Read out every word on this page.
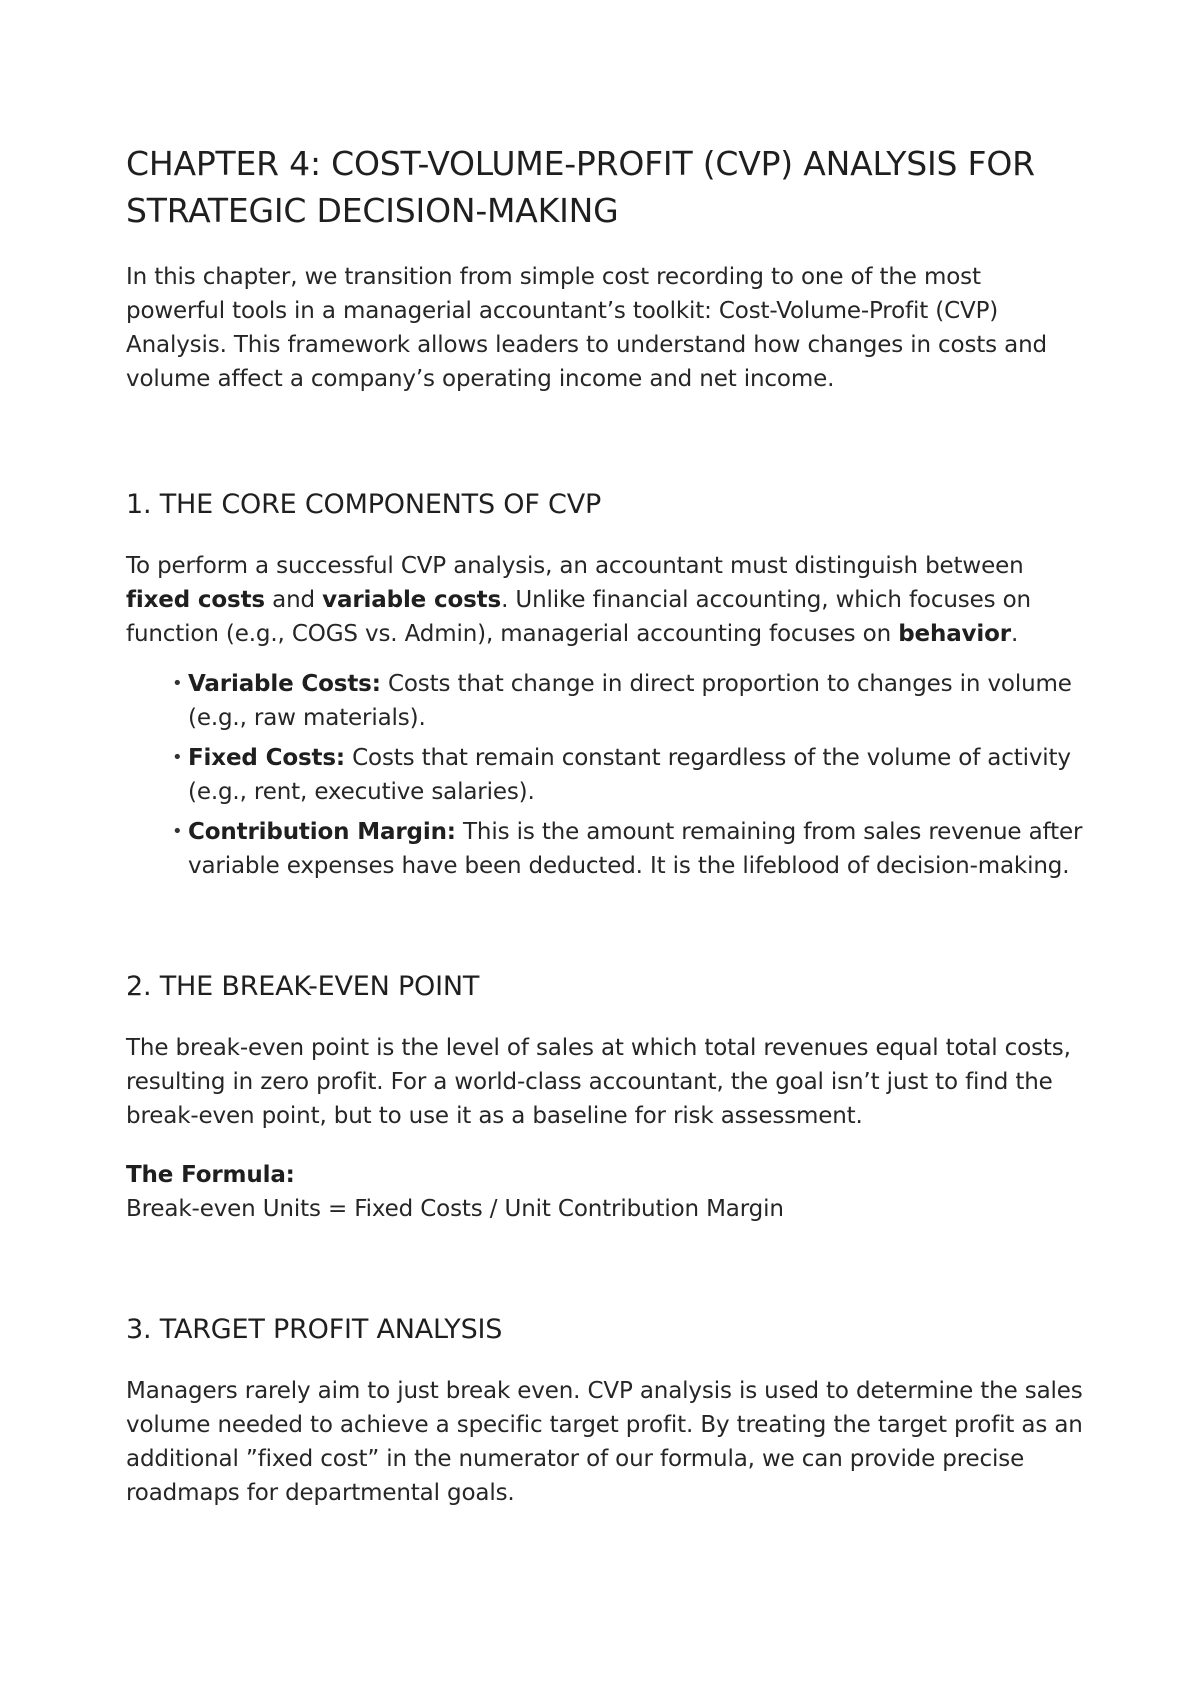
CHAPTER 4: COST-VOLUME-PROFIT (CVP) ANALYSIS FOR STRATEGIC DECISION-MAKING

In this chapter, we transition from simple cost recording to one of the most powerful tools in a managerial accountant’s toolkit: Cost-Volume-Profit (CVP) Analysis. This framework allows leaders to understand how changes in costs and volume affect a company’s operating income and net income.

1. THE CORE COMPONENTS OF CVP

To perform a successful CVP analysis, an accountant must distinguish between fixed costs and variable costs. Unlike financial accounting, which focuses on function (e.g., COGS vs. Admin), managerial accounting focuses on behavior.

• Variable Costs: Costs that change in direct proportion to changes in volume (e.g., raw materials).
• Fixed Costs: Costs that remain constant regardless of the volume of activity (e.g., rent, executive salaries).
• Contribution Margin: This is the amount remaining from sales revenue after variable expenses have been deducted. It is the lifeblood of decision-making.
2. THE BREAK-EVEN POINT

The break-even point is the level of sales at which total revenues equal total costs, resulting in zero profit. For a world-class accountant, the goal isn’t just to find the break-even point, but to use it as a baseline for risk assessment.

The Formula:

Break-even Units = Fixed Costs / Unit Contribution Margin

3. TARGET PROFIT ANALYSIS

Managers rarely aim to just break even. CVP analysis is used to determine the sales volume needed to achieve a specific target profit. By treating the target profit as an additional ”fixed cost” in the numerator of our formula, we can provide precise roadmaps for departmental goals.
